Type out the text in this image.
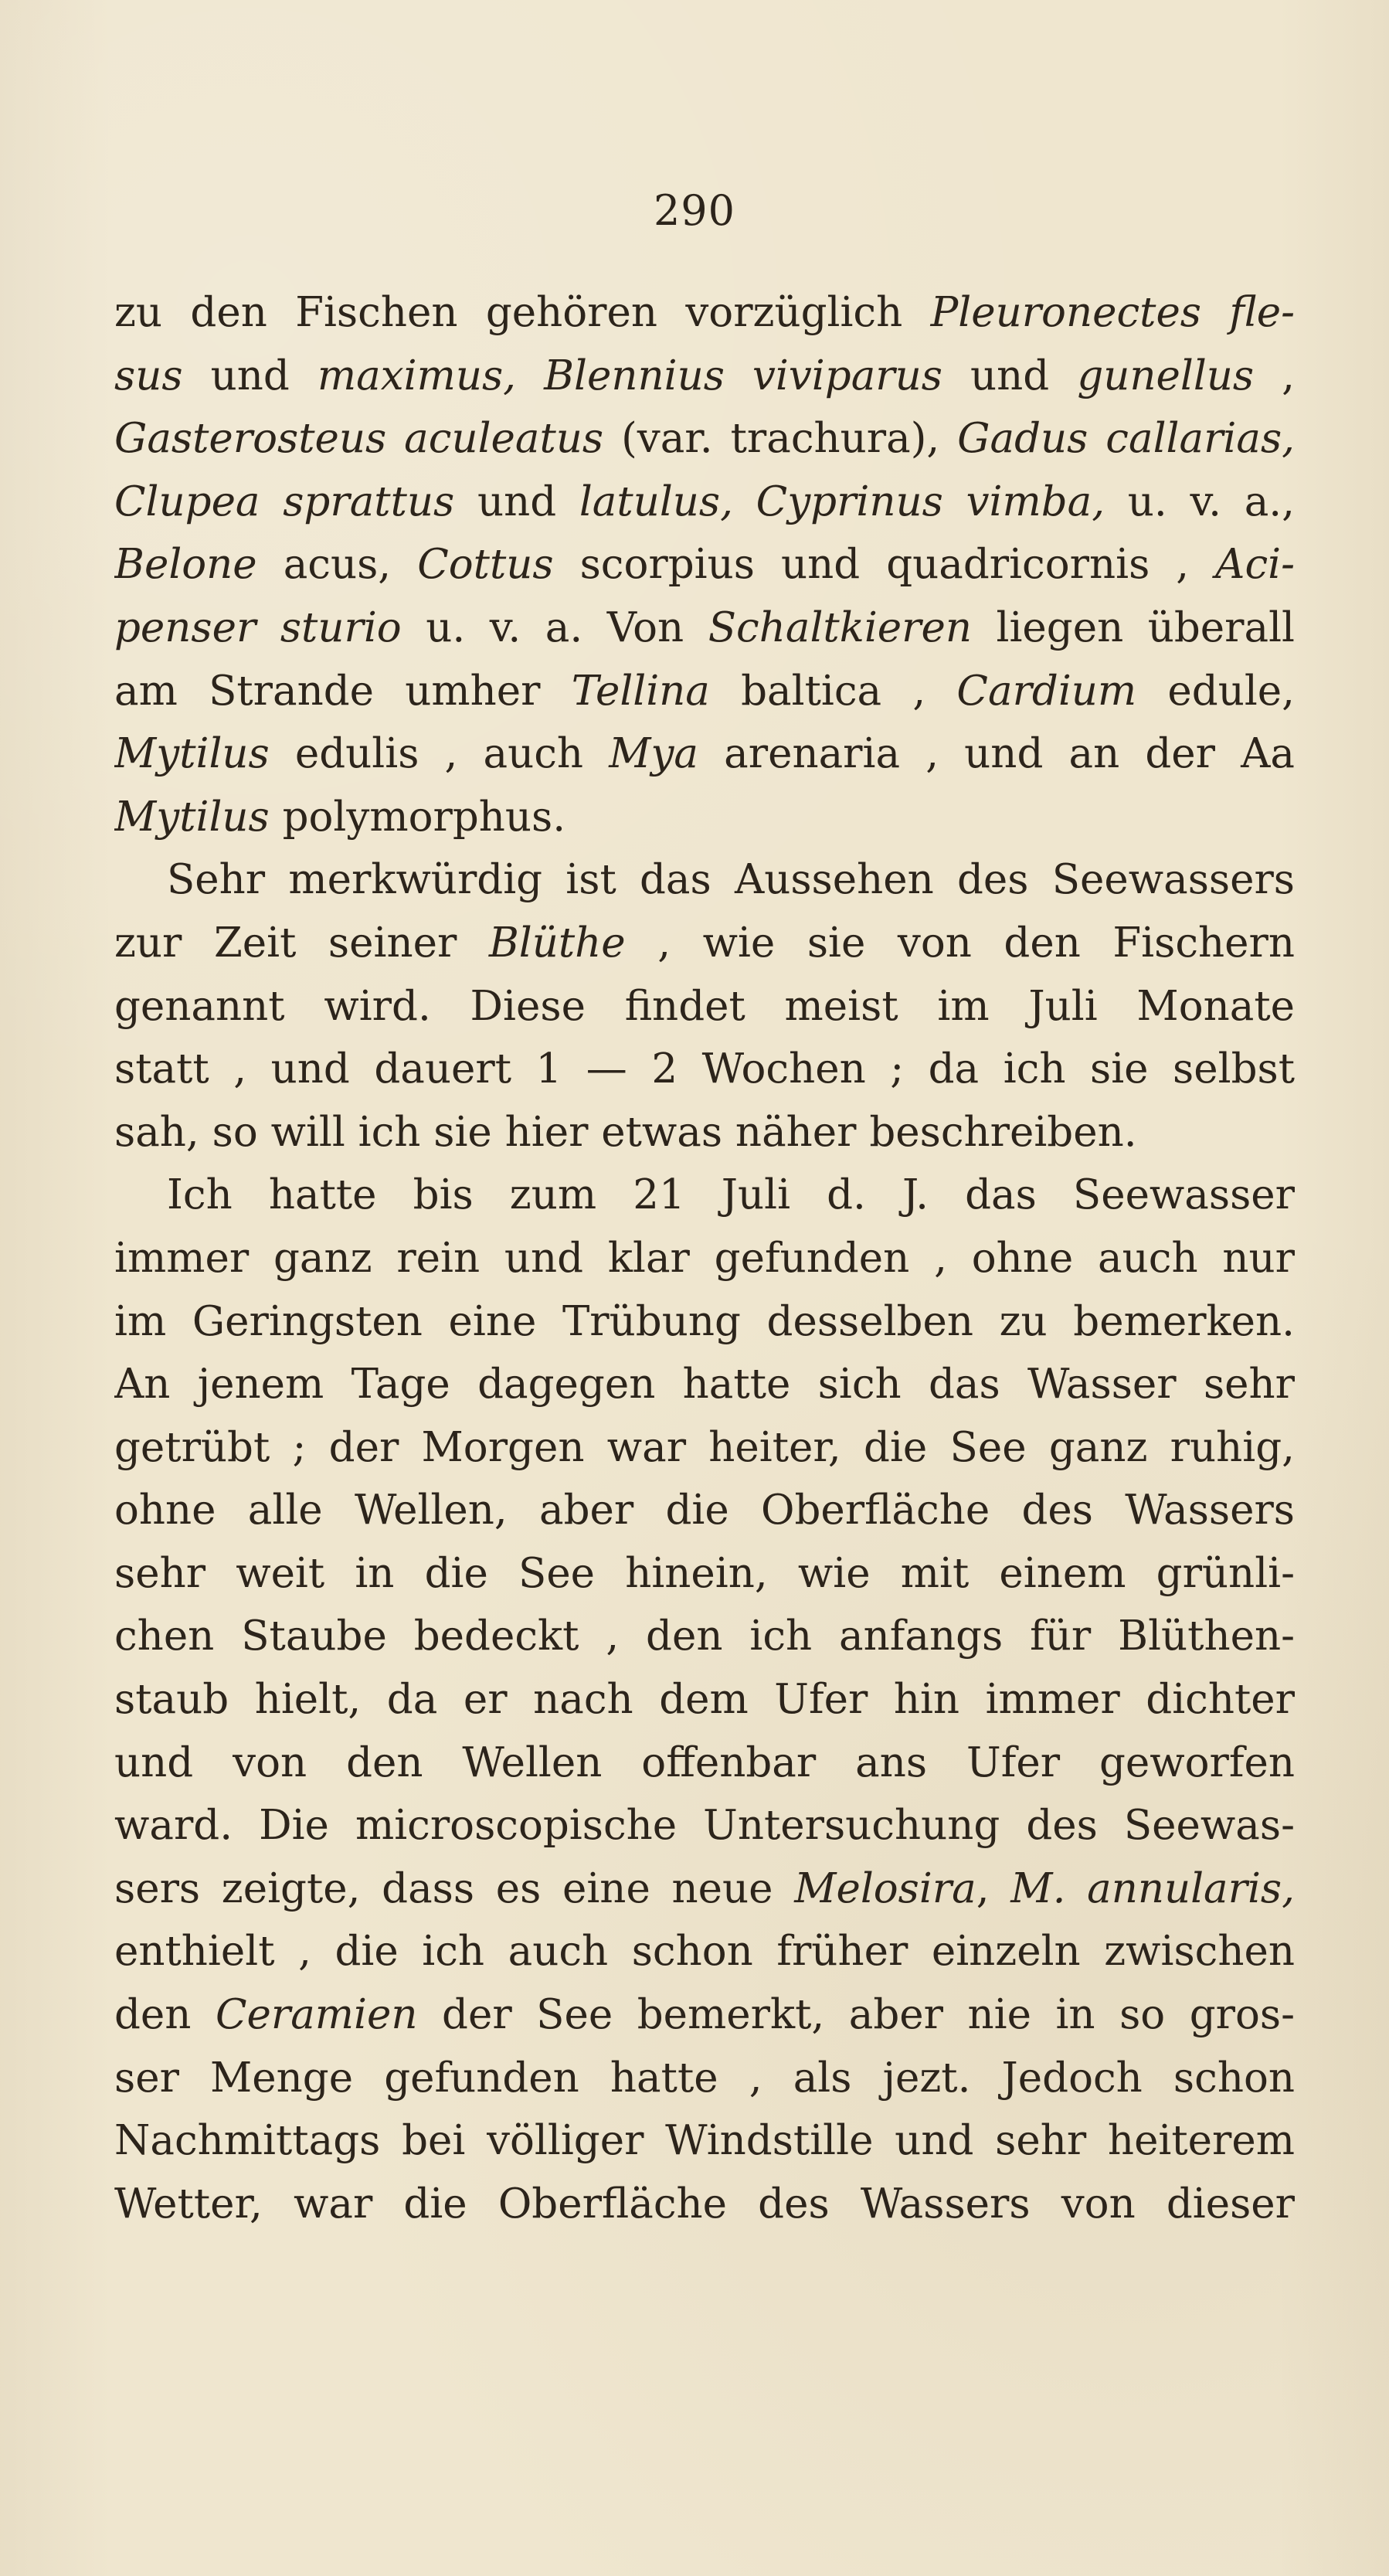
290
zu den Fischen gehören vorzüglich Pleuronectes fle-
sus und maximus, Blennius viviparus und gunellus ,
Gasterosteus aculeatus (var. trachura), Gadus callarias,
Clupea sprattus und latulus, Cyprinus vimba, u. v. a.,
Belone acus, Cottus scorpius und quadricornis , Aci-
penser sturio u. v. a. Von Schaltkieren liegen überall
am Strande umher Tellina baltica , Cardium edule,
Mytilus edulis , auch Mya arenaria , und an der Aa
Mytilus polymorphus.
Sehr merkwürdig ist das Aussehen des Seewassers
zur Zeit seiner Blüthe , wie sie von den Fischern
genannt wird. Diese findet meist im Juli Monate
statt , und dauert 1 — 2 Wochen ; da ich sie selbst
sah, so will ich sie hier etwas näher beschreiben.
Ich hatte bis zum 21 Juli d. J. das Seewasser
immer ganz rein und klar gefunden , ohne auch nur
im Geringsten eine Trübung desselben zu bemerken.
An jenem Tage dagegen hatte sich das Wasser sehr
getrübt ; der Morgen war heiter, die See ganz ruhig,
ohne alle Wellen, aber die Oberfläche des Wassers
sehr weit in die See hinein, wie mit einem grünli-
chen Staube bedeckt , den ich anfangs für Blüthen-
staub hielt, da er nach dem Ufer hin immer dichter
und von den Wellen offenbar ans Ufer geworfen
ward. Die microscopische Untersuchung des Seewas-
sers zeigte, dass es eine neue Melosira, M. annularis,
enthielt , die ich auch schon früher einzeln zwischen
den Ceramien der See bemerkt, aber nie in so gros-
ser Menge gefunden hatte , als jezt. Jedoch schon
Nachmittags bei völliger Windstille und sehr heiterem
Wetter, war die Oberfläche des Wassers von dieser
